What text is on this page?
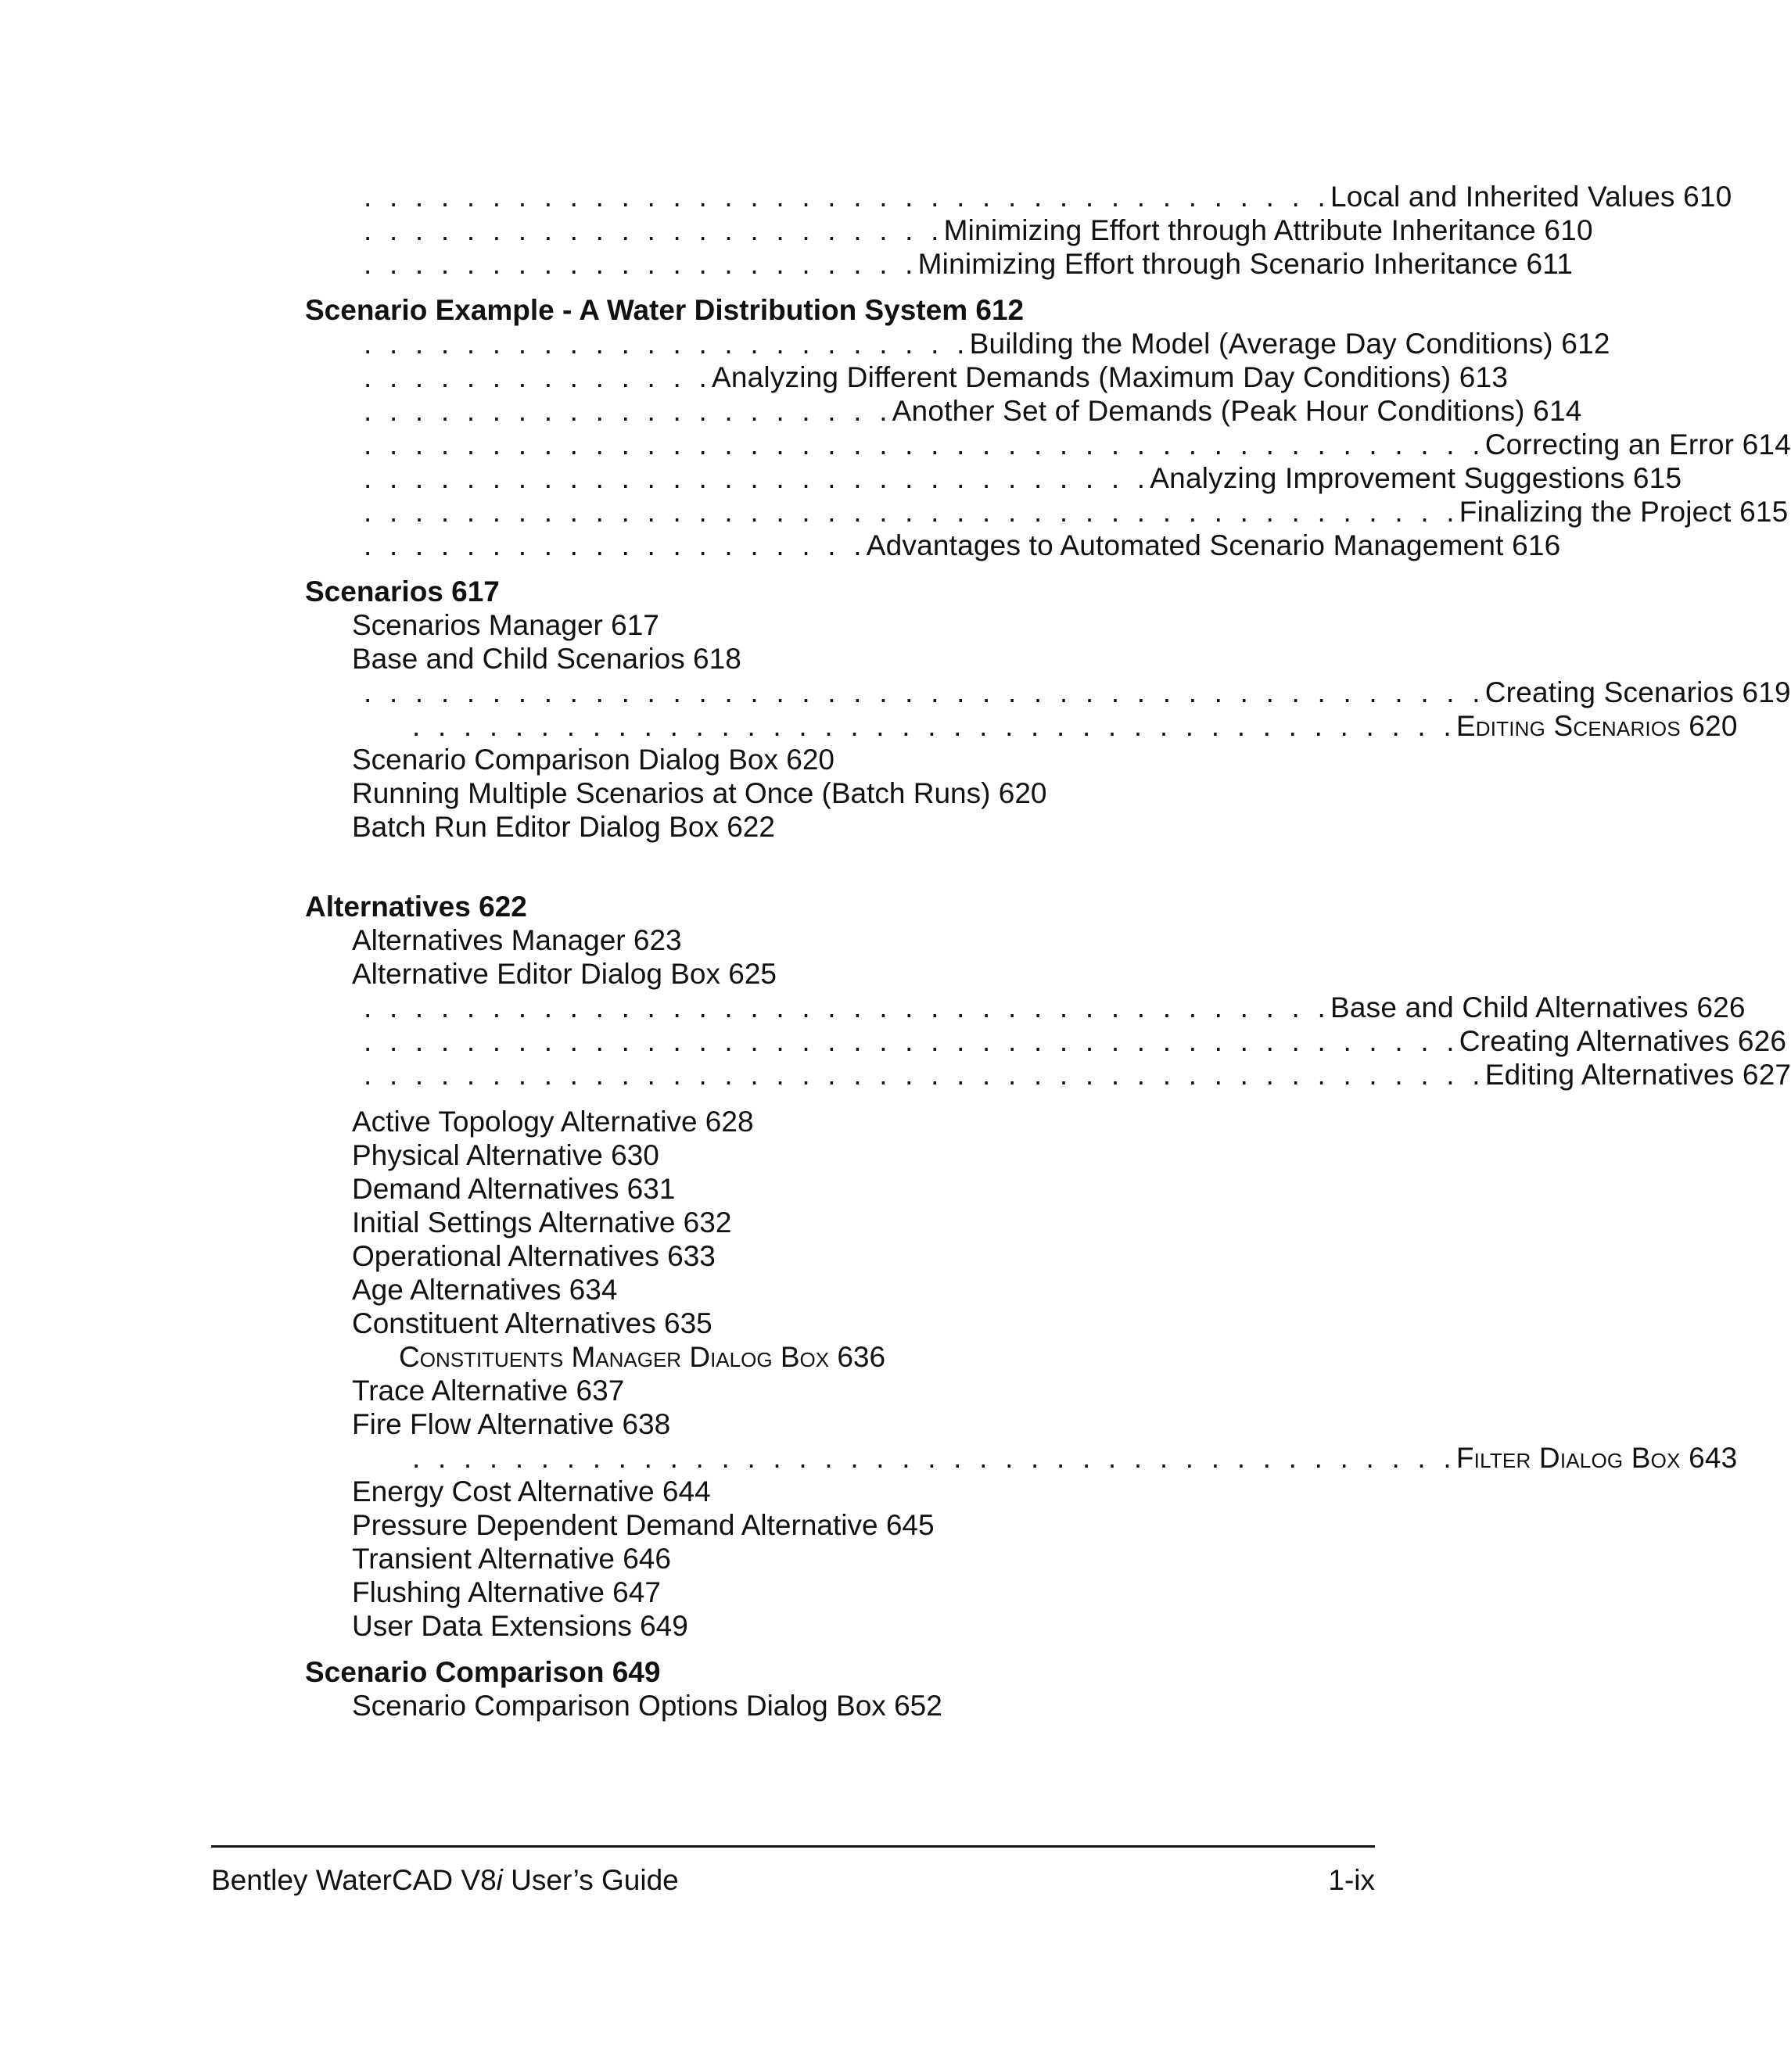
. . . . . . . . . . . . . . . . . . . . . . . . . . . . . . . . . . . . . .Local and Inherited Values 610
. . . . . . . . . . . . . . . . . . . . . . .Minimizing Effort through Attribute Inheritance 610
. . . . . . . . . . . . . . . . . . . . . .Minimizing Effort through Scenario Inheritance 611
Scenario Example - A Water Distribution System 612
. . . . . . . . . . . . . . . . . . . . . . . .Building the Model (Average Day Conditions) 612
. . . . . . . . . . . . . .Analyzing Different Demands (Maximum Day Conditions) 613
. . . . . . . . . . . . . . . . . . . . .Another Set of Demands (Peak Hour Conditions) 614
. . . . . . . . . . . . . . . . . . . . . . . . . . . . . . . . . . . . . . . . . . . .Correcting an Error 614
. . . . . . . . . . . . . . . . . . . . . . . . . . . . . . .Analyzing Improvement Suggestions 615
. . . . . . . . . . . . . . . . . . . . . . . . . . . . . . . . . . . . . . . . . . .Finalizing the Project 615
. . . . . . . . . . . . . . . . . . . .Advantages to Automated Scenario Management 616
Scenarios 617
Scenarios Manager 617
Base and Child Scenarios 618
. . . . . . . . . . . . . . . . . . . . . . . . . . . . . . . . . . . . . . . . . . . .Creating Scenarios 619
. . . . . . . . . . . . . . . . . . . . . . . . . . . . . . . . . . . . . . . . .Editing Scenarios 620
Scenario Comparison Dialog Box 620
Running Multiple Scenarios at Once (Batch Runs) 620
Batch Run Editor Dialog Box 622
Alternatives 622
Alternatives Manager 623
Alternative Editor Dialog Box 625
. . . . . . . . . . . . . . . . . . . . . . . . . . . . . . . . . . . . . .Base and Child Alternatives 626
. . . . . . . . . . . . . . . . . . . . . . . . . . . . . . . . . . . . . . . . . . .Creating Alternatives 626
. . . . . . . . . . . . . . . . . . . . . . . . . . . . . . . . . . . . . . . . . . . .Editing Alternatives 627
Active Topology Alternative 628
Physical Alternative 630
Demand Alternatives 631
Initial Settings Alternative 632
Operational Alternatives 633
Age Alternatives 634
Constituent Alternatives 635
Constituents Manager Dialog Box 636
Trace Alternative 637
Fire Flow Alternative 638
. . . . . . . . . . . . . . . . . . . . . . . . . . . . . . . . . . . . . . . . .Filter Dialog Box 643
Energy Cost Alternative 644
Pressure Dependent Demand Alternative 645
Transient Alternative 646
Flushing Alternative 647
User Data Extensions 649
Scenario Comparison 649
Scenario Comparison Options Dialog Box 652
Bentley WaterCAD V8i User’s Guide	1-ix
